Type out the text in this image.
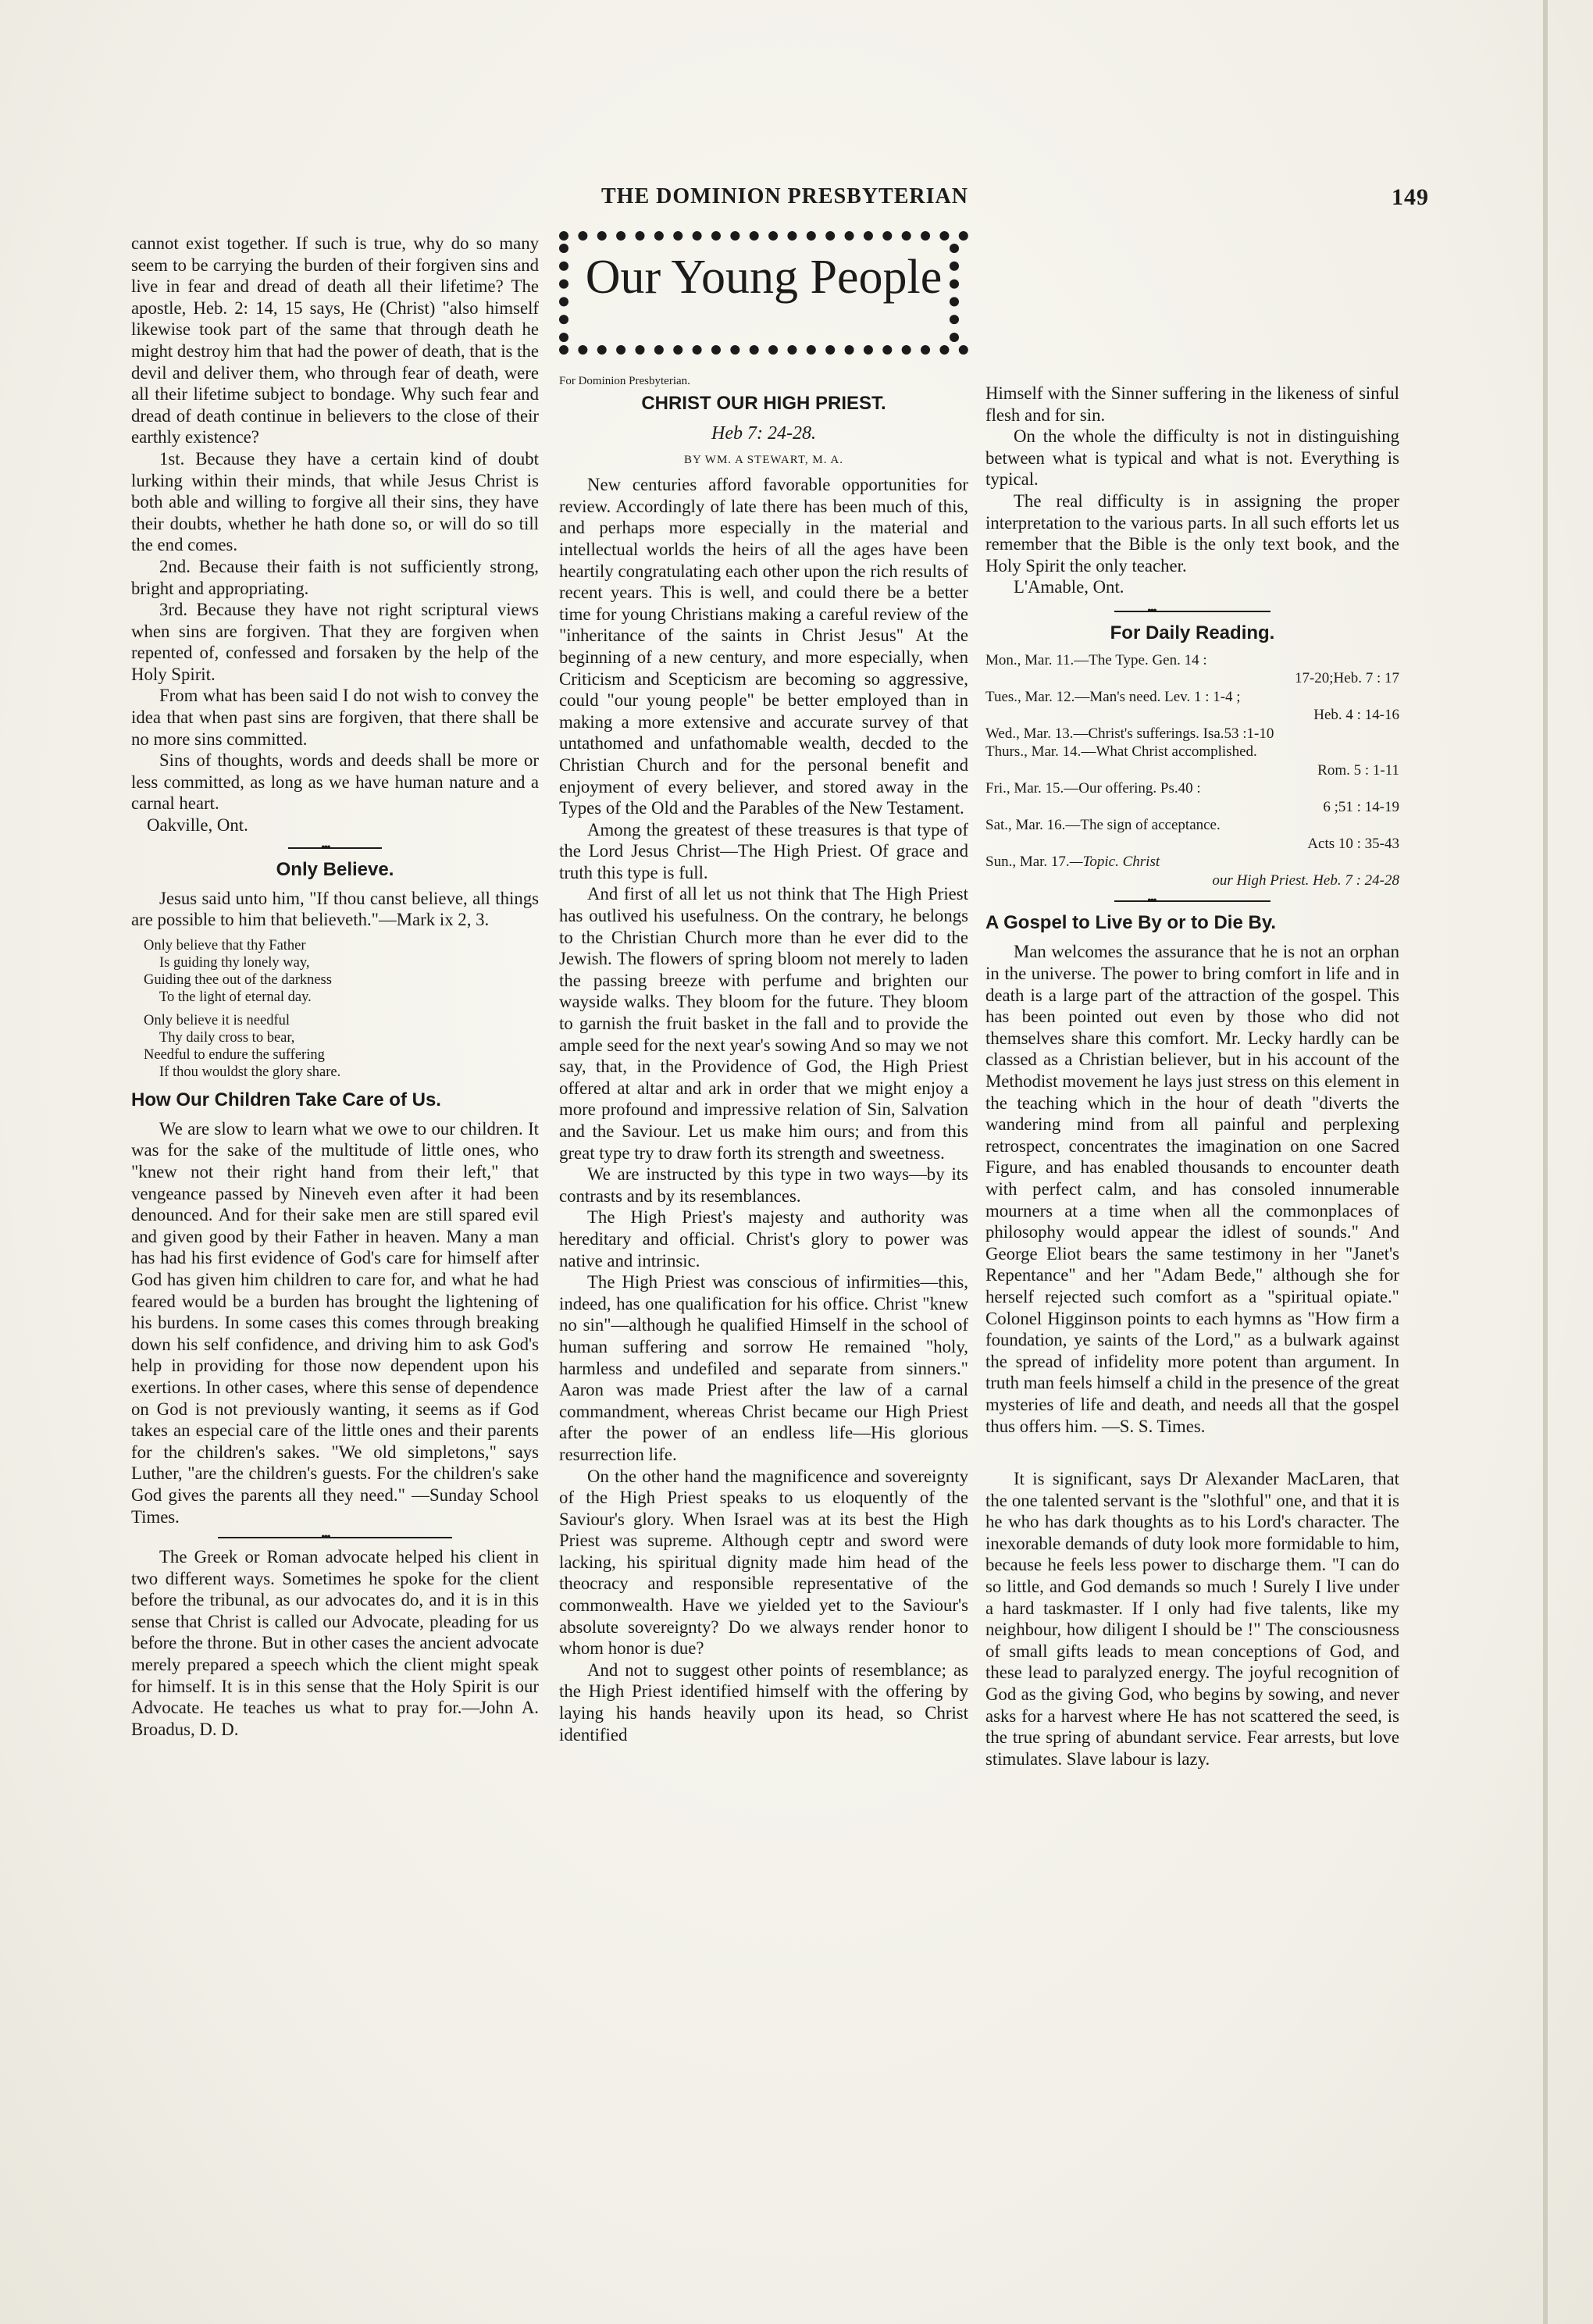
THE DOMINION PRESBYTERIAN	149

cannot exist together. If such is true, why do so many seem to be carrying the burden of their forgiven sins and live in fear and dread of death all their lifetime? The apostle, Heb. 2: 14, 15 says, He (Christ) "also himself likewise took part of the same that through death he might destroy him that had the power of death, that is the devil and deliver them, who through fear of death, were all their lifetime subject to bondage. Why such fear and dread of death continue in believers to the close of their earthly existence?

1st. Because they have a certain kind of doubt lurking within their minds, that while Jesus Christ is both able and willing to forgive all their sins, they have their doubts, whether he hath done so, or will do so till the end comes.

2nd. Because their faith is not sufficiently strong, bright and appropriating.

3rd. Because they have not right scriptural views when sins are forgiven. That they are forgiven when repented of, confessed and forsaken by the help of the Holy Spirit.

From what has been said I do not wish to convey the idea that when past sins are forgiven, that there shall be no more sins committed.

Sins of thoughts, words and deeds shall be more or less committed, as long as we have human nature and a carnal heart.

Oakville, Ont.

•••
Only Believe.

Jesus said unto him, "If thou canst believe, all things are possible to him that believeth."—Mark ix 2, 3.

Only believe that thy Father
Is guiding thy lonely way,
Guiding thee out of the darkness
To the light of eternal day.
Only believe it is needful
Thy daily cross to bear,
Needful to endure the suffering
If thou wouldst the glory share.
How Our Children Take Care of Us.

We are slow to learn what we owe to our children. It was for the sake of the multitude of little ones, who "knew not their right hand from their left," that vengeance passed by Nineveh even after it had been denounced. And for their sake men are still spared evil and given good by their Father in heaven. Many a man has had his first evidence of God's care for himself after God has given him children to care for, and what he had feared would be a burden has brought the lightening of his burdens. In some cases this comes through breaking down his self confidence, and driving him to ask God's help in providing for those now dependent upon his exertions. In other cases, where this sense of dependence on God is not previously wanting, it seems as if God takes an especial care of the little ones and their parents for the children's sakes. "We old simpletons," says Luther, "are the children's guests. For the children's sake God gives the parents all they need." —Sunday School Times.

•••

The Greek or Roman advocate helped his client in two different ways. Sometimes he spoke for the client before the tribunal, as our advocates do, and it is in this sense that Christ is called our Advocate, pleading for us before the throne. But in other cases the ancient advocate merely prepared a speech which the client might speak for himself. It is in this sense that the Holy Spirit is our Advocate. He teaches us what to pray for.—John A. Broadus, D. D.

Our Young People
For Dominion Presbyterian.
CHRIST OUR HIGH PRIEST.
Heb 7: 24-28.
BY WM. A STEWART, M. A.

New centuries afford favorable opportunities for review. Accordingly of late there has been much of this, and perhaps more especially in the material and intellectual worlds the heirs of all the ages have been heartily congratulating each other upon the rich results of recent years. This is well, and could there be a better time for young Christians making a careful review of the "inheritance of the saints in Christ Jesus" At the beginning of a new century, and more especially, when Criticism and Scepticism are becoming so aggressive, could "our young people" be better employed than in making a more extensive and accurate survey of that untathomed and unfathomable wealth, decded to the Christian Church and for the personal benefit and enjoyment of every believer, and stored away in the Types of the Old and the Parables of the New Testament.

Among the greatest of these treasures is that type of the Lord Jesus Christ—The High Priest. Of grace and truth this type is full.

And first of all let us not think that The High Priest has outlived his usefulness. On the contrary, he belongs to the Christian Church more than he ever did to the Jewish. The flowers of spring bloom not merely to laden the passing breeze with perfume and brighten our wayside walks. They bloom for the future. They bloom to garnish the fruit basket in the fall and to provide the ample seed for the next year's sowing And so may we not say, that, in the Providence of God, the High Priest offered at altar and ark in order that we might enjoy a more profound and impressive relation of Sin, Salvation and the Saviour. Let us make him ours; and from this great type try to draw forth its strength and sweetness.

We are instructed by this type in two ways—by its contrasts and by its resemblances.

The High Priest's majesty and authority was hereditary and official. Christ's glory to power was native and intrinsic.

The High Priest was conscious of infirmities—this, indeed, has one qualification for his office. Christ "knew no sin"—although he qualified Himself in the school of human suffering and sorrow He remained "holy, harmless and undefiled and separate from sinners." Aaron was made Priest after the law of a carnal commandment, whereas Christ became our High Priest after the power of an endless life—His glorious resurrection life.

On the other hand the magnificence and sovereignty of the High Priest speaks to us eloquently of the Saviour's glory. When Israel was at its best the High Priest was supreme. Although ceptr and sword were lacking, his spiritual dignity made him head of the theocracy and responsible representative of the commonwealth. Have we yielded yet to the Saviour's absolute sovereignty? Do we always render honor to whom honor is due?

And not to suggest other points of resemblance; as the High Priest identified himself with the offering by laying his hands heavily upon its head, so Christ identified

Himself with the Sinner suffering in the likeness of sinful flesh and for sin.

On the whole the difficulty is not in distinguishing between what is typical and what is not. Everything is typical.

The real difficulty is in assigning the proper interpretation to the various parts. In all such efforts let us remember that the Bible is the only text book, and the Holy Spirit the only teacher.

L'Amable, Ont.

•••
For Daily Reading.
Mon., Mar. 11.—The Type. Gen. 14 :
17-20;Heb. 7 : 17
Tues., Mar. 12.—Man's need. Lev. 1 : 1-4 ;
Heb. 4 : 14-16
Wed., Mar. 13.—Christ's sufferings. Isa.53 :1-10
Thurs., Mar. 14.—What Christ accomplished.
Rom. 5 : 1-11
Fri., Mar. 15.—Our offering. Ps.40 :
6 ;51 : 14-19
Sat., Mar. 16.—The sign of acceptance.
Acts 10 : 35-43
Sun., Mar. 17.—Topic. Christ
our High Priest. Heb. 7 : 24-28
•••
A Gospel to Live By or to Die By.

Man welcomes the assurance that he is not an orphan in the universe. The power to bring comfort in life and in death is a large part of the attraction of the gospel. This has been pointed out even by those who did not themselves share this comfort. Mr. Lecky hardly can be classed as a Christian believer, but in his account of the Methodist movement he lays just stress on this element in the teaching which in the hour of death "diverts the wandering mind from all painful and perplexing retrospect, concentrates the imagination on one Sacred Figure, and has enabled thousands to encounter death with perfect calm, and has consoled innumerable mourners at a time when all the commonplaces of philosophy would appear the idlest of sounds." And George Eliot bears the same testimony in her "Janet's Repentance" and her "Adam Bede," although she for herself rejected such comfort as a "spiritual opiate." Colonel Higginson points to each hymns as "How firm a foundation, ye saints of the Lord," as a bulwark against the spread of infidelity more potent than argument. In truth man feels himself a child in the presence of the great mysteries of life and death, and needs all that the gospel thus offers him. —S. S. Times.

It is significant, says Dr Alexander MacLaren, that the one talented servant is the "slothful" one, and that it is he who has dark thoughts as to his Lord's character. The inexorable demands of duty look more formidable to him, because he feels less power to discharge them. "I can do so little, and God demands so much ! Surely I live under a hard taskmaster. If I only had five talents, like my neighbour, how diligent I should be !" The consciousness of small gifts leads to mean conceptions of God, and these lead to paralyzed energy. The joyful recognition of God as the giving God, who begins by sowing, and never asks for a harvest where He has not scattered the seed, is the true spring of abundant service. Fear arrests, but love stimulates. Slave labour is lazy.
